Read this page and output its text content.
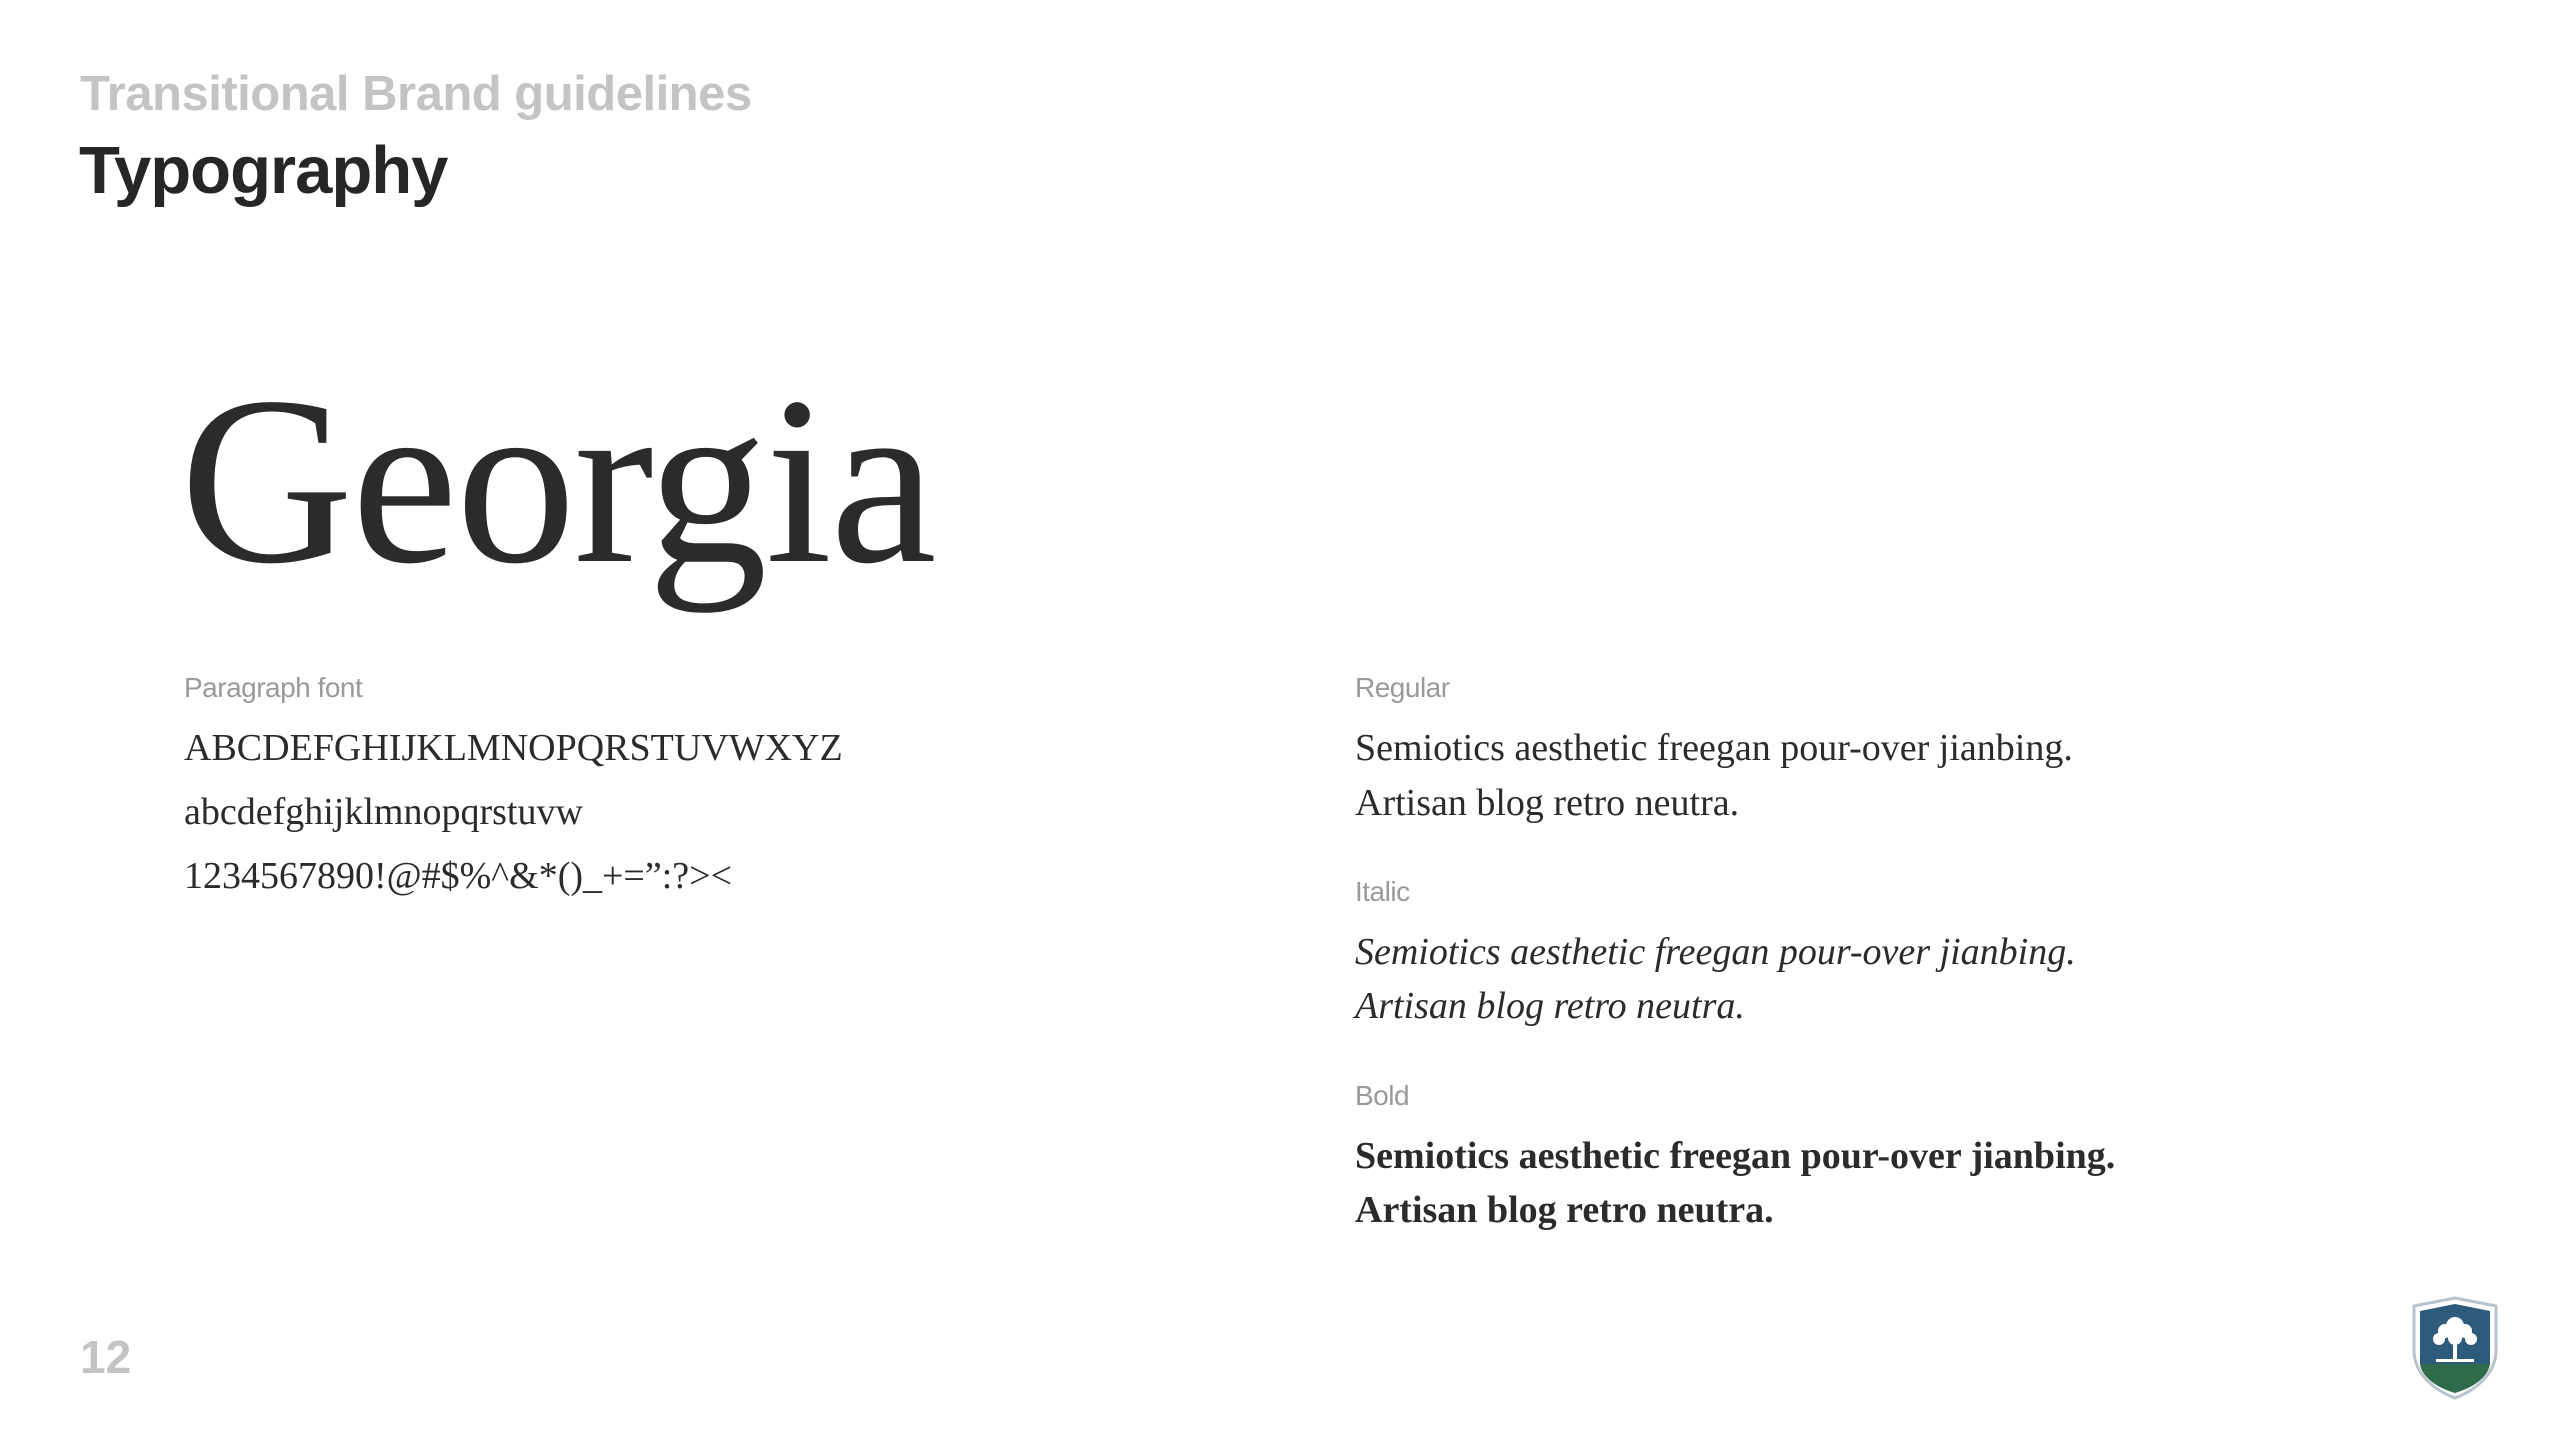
Transitional Brand guidelines
Typography
Georgia
Paragraph font
ABCDEFGHIJKLMNOPQRSTUVWXYZ
abcdefghijklmnopqrstuvw
1234567890!@#$%^&*()_+=”:?><
Regular
Semiotics aesthetic freegan pour-over jianbing.
Artisan blog retro neutra.
Italic
Semiotics aesthetic freegan pour-over jianbing.
Artisan blog retro neutra.
Bold
Semiotics aesthetic freegan pour-over jianbing.
Artisan blog retro neutra.
12
